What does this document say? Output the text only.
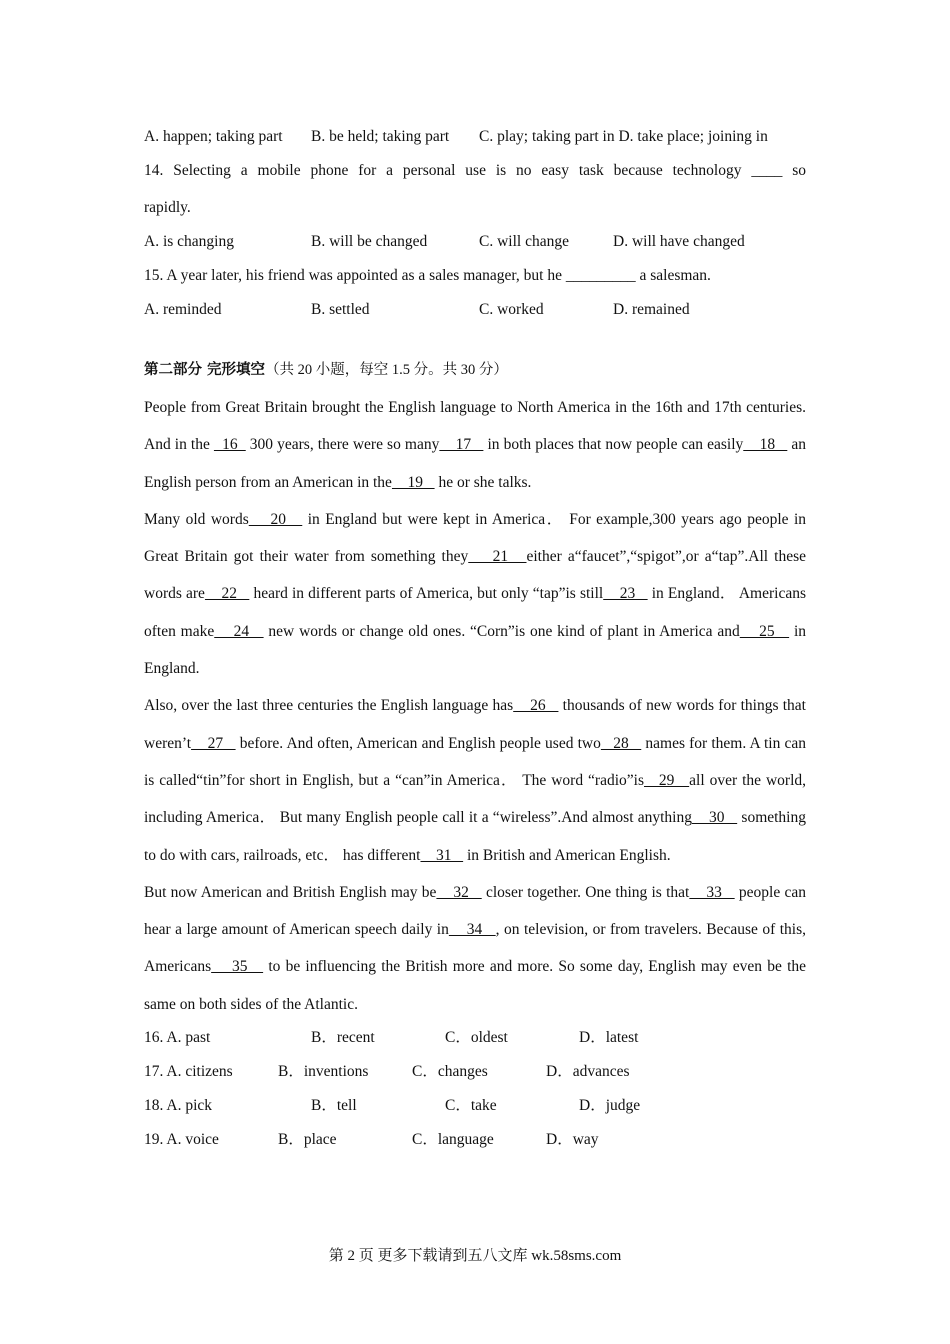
A. happen; taking part	B. be held; taking part	C. play; taking part in D. take place; joining in
14. Selecting a mobile phone for a personal use is no easy task because technology ____ so
rapidly.
A. is changing	B. will be changed	C. will change	D. will have changed
15. A year later, his friend was appointed as a sales manager, but he _________ a salesman.
A. reminded	B. settled	C. worked	D. remained
第二部分 完形填空（共 20 小题，每空 1.5 分。共 30 分）

People from Great Britain brought the English language to North America in the 16th and 17th centuries. And in the   16   300 years, there were so many    17    in both places that now people can easily    18    an English person from an American in the    19    he or she talks.

Many old words    20    in England but were kept in America． For example,300 years ago people in Great Britain got their water from something they    21   either a“faucet”,“spigot”,or a“tap”.All these words are    22    heard in different parts of America, but only “tap”is still    23    in England． Americans often make    24    new words or change old ones. “Corn”is one kind of plant in America and    25    in England.

Also, over the last three centuries the English language has    26    thousands of new words for things that weren’t    27    before. And often, American and English people used two   28    names for them. A tin can is called“tin”for short in English, but a “can”in America． The word “radio”is   29   all over the world, including America． But many English people call it a “wireless”.And almost anything    30    something to do with cars, railroads, etc． has different    31    in British and American English.

But now American and British English may be    32    closer together. One thing is that    33    people can hear a large amount of American speech daily in    34   , on television, or from travelers. Because of this, Americans    35    to be influencing the British more and more. So some day, English may even be the same on both sides of the Atlantic.

16. A. past	B．recent	C．oldest	D．latest
17. A. citizens	B．inventions	C．changes	D．advances
18. A. pick	B．tell	C．take	D．judge
19. A. voice	B．place	C．language	D．way
第 2 页 更多下载请到五八文库 wk.58sms.com
